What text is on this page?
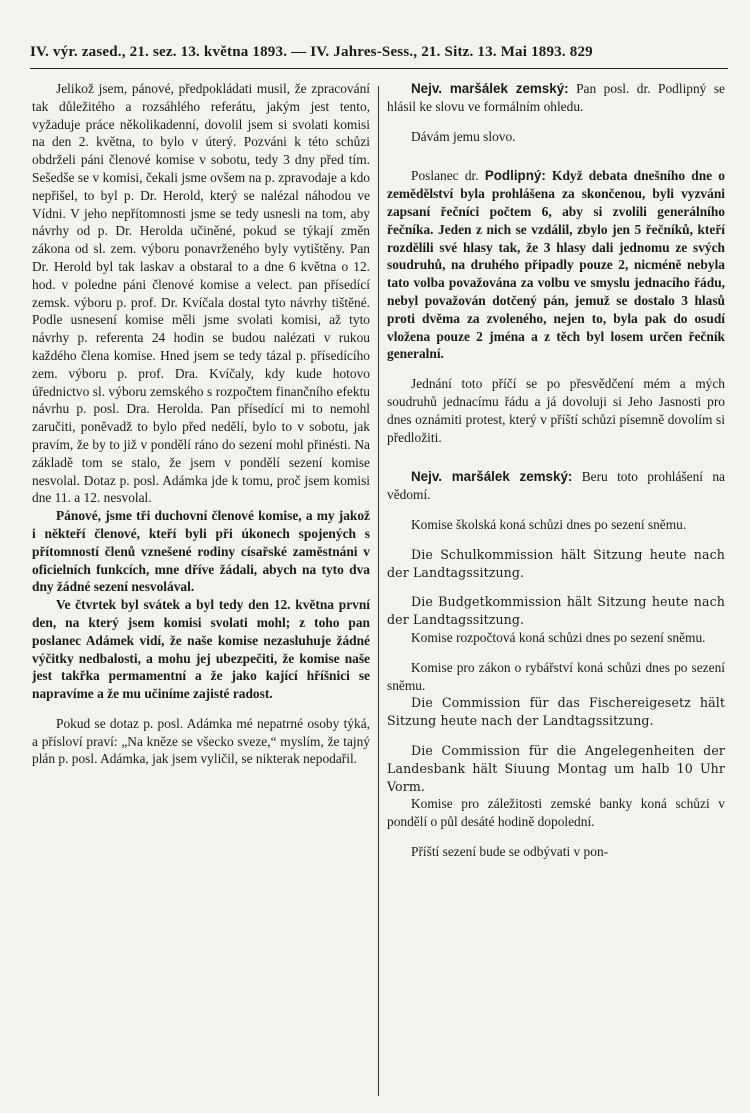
IV. výr. zased., 21. sez. 13. května 1893. — IV. Jahres-Sess., 21. Sitz. 13. Mai 1893. 829

Jelikož jsem, pánové, předpokládati musil, že zpracování tak důležitého a rozsáhlého referátu, jakým jest tento, vyžaduje práce několikadenní, dovolil jsem si svolati komisi na den 2. května, to bylo v úterý. Pozváni k této schůzi obdrželi páni členové komise v sobotu, tedy 3 dny před tím. Sešedše se v komisi, čekali jsme ovšem na p. zpravodaje a kdo nepřišel, to byl p. Dr. Herold, který se nalézal náhodou ve Vídni. V jeho nepřítomnosti jsme se tedy usnesli na tom, aby návrhy od p. Dr. Herolda učiněné, pokud se týkají změn zákona od sl. zem. výboru ponavrženého byly vytištěny. Pan Dr. Herold byl tak laskav a obstaral to a dne 6 května o 12. hod. v poledne páni členové komise a velect. pan přísedící zemsk. výboru p. prof. Dr. Kvíčala dostal tyto návrhy tištěné. Podle usnesení komise měli jsme svolati komisi, až tyto návrhy p. referenta 24 hodin se budou nalézati v rukou každého člena komise. Hned jsem se tedy tázal p. přísedícího zem. výboru p. prof. Dra. Kvíčaly, kdy kude hotovo úřednictvo sl. výboru zemského s rozpočtem finančního efektu návrhu p. posl. Dra. Herolda. Pan přísedící mi to nemohl zaručiti, poněvadž to bylo před nedělí, bylo to v sobotu, jak pravím, že by to již v pondělí ráno do sezení mohl přinésti. Na základě tom se stalo, že jsem v pondělí sezení komise nesvolal. Dotaz p. posl. Adámka jde k tomu, proč jsem komisi dne 11. a 12. nesvolal.

Pánové, jsme tři duchovní členové komise, a my jakož i někteří členové, kteří byli při úkonech spojených s přítomností členů vznešené rodiny císařské zaměstnáni v oficielních funkcích, mne dříve žádali, abych na tyto dva dny žádné sezení nesvolával.

Ve čtvrtek byl svátek a byl tedy den 12. května první den, na který jsem komisi svolati mohl; z toho pan poslanec Adámek vidí, že naše komise nezasluhuje žádné výčitky nedbalosti, a mohu jej ubezpečiti, že komise naše jest takřka permamentní a že jako kající hříšnici se napravíme a že mu učiníme zajisté radost.

Pokud se dotaz p. posl. Adámka mé nepatrné osoby týká, a přísloví praví: „Na kněze se všecko sveze,“ myslím, že tajný plán p. posl. Adámka, jak jsem vyličil, se nikterak nepodařil.

Nejv. maršálek zemský: Pan posl. dr. Podlipný se hlásil ke slovu ve formálním ohledu.

Dávám jemu slovo.

Poslanec dr. Podlipný: Když debata dnešního dne o zemědělství byla prohlášena za skončenou, byli vyzváni zapsaní řečníci počtem 6, aby si zvolili generálního řečníka. Jeden z nich se vzdálil, zbylo jen 5 řečníků, kteří rozdělili své hlasy tak, že 3 hlasy dali jednomu ze svých soudruhů, na druhého připadly pouze 2, nicméně nebyla tato volba považována za volbu ve smyslu jednacího řádu, nebyl považován dotčený pán, jemuž se dostalo 3 hlasů proti dvěma za zvoleného, nejen to, byla pak do osudí vložena pouze 2 jména a z těch byl losem určen řečník generalní.

Jednání toto příčí se po přesvědčení mém a mých soudruhů jednacímu řádu a já dovoluji si Jeho Jasnosti pro dnes oznámiti protest, který v příští schůzi písemně dovolím si předložiti.

Nejv. maršálek zemský: Beru toto prohlášení na vědomí.

Komise školská koná schůzi dnes po sezení sněmu.

Die Schulkommission hält Sitzung heute nach der Landtagssitzung.

Die Budgetkommission hält Sitzung heute nach der Landtagssitzung.

Komise rozpočtová koná schůzi dnes po sezení sněmu.

Komise pro zákon o rybářství koná schůzi dnes po sezení sněmu.

Die Commission für das Fischereigesetz hält Sitzung heute nach der Landtagssitzung.

Die Commission für die Angelegenheiten der Landesbank hält Siuung Montag um halb 10 Uhr Vorm.

Komise pro záležitosti zemské banky koná schůzi v pondělí o půl desáté hodině dopolední.

Příští sezení bude se odbývati v pon-
